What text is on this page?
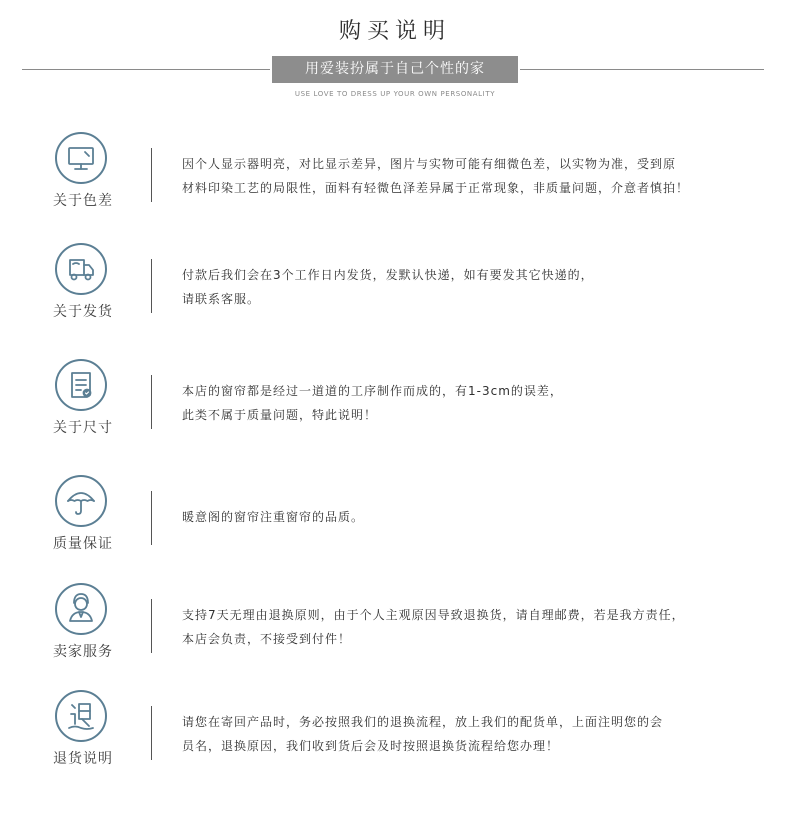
购买说明
用爱装扮属于自己个性的家
USE LOVE TO DRESS UP YOUR OWN PERSONALITY
关于色差
因个人显示器明亮，对比显示差异，图片与实物可能有细微色差，以实物为准，受到原
材料印染工艺的局限性，面料有轻微色泽差异属于正常现象，非质量问题，介意者慎拍！
关于发货
付款后我们会在3个工作日内发货，发默认快递，如有要发其它快递的，
请联系客服。
关于尺寸
本店的窗帘都是经过一道道的工序制作而成的，有1-3cm的误差，
此类不属于质量问题，特此说明！
质量保证
暖意阁的窗帘注重窗帘的品质。
卖家服务
支持7天无理由退换原则，由于个人主观原因导致退换货，请自理邮费，若是我方责任，
本店会负责，不接受到付件！
退货说明
请您在寄回产品时，务必按照我们的退换流程，放上我们的配货单，上面注明您的会
员名，退换原因，我们收到货后会及时按照退换货流程给您办理！
